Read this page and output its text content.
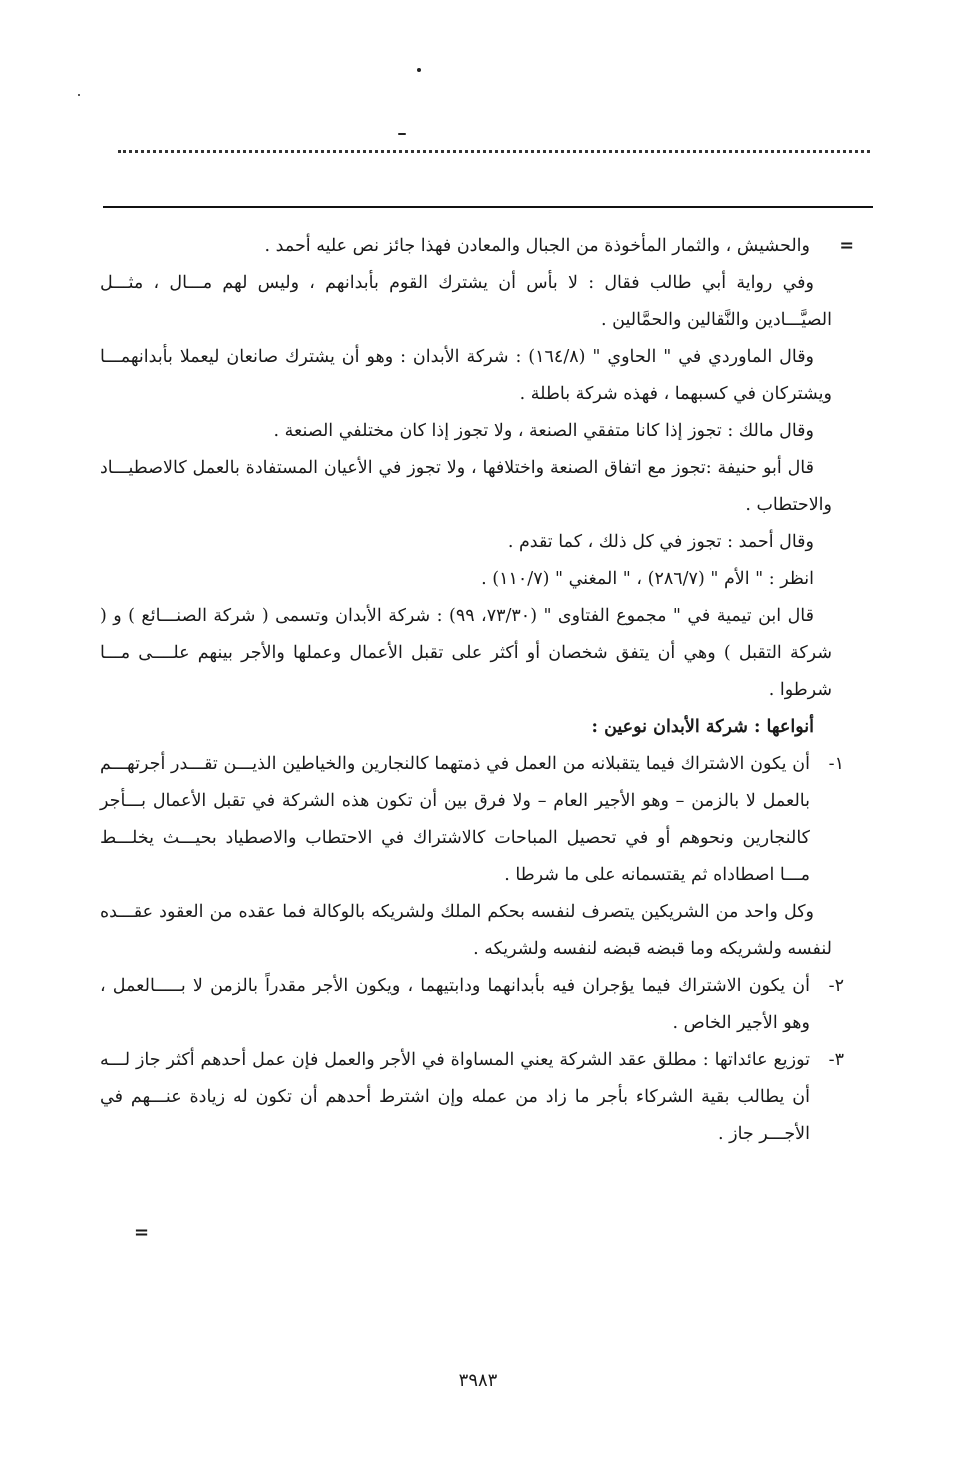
=
والحشيش ، والثمار المأخوذة من الجبال والمعادن فهذا جائز نص عليه أحمد .

وفي رواية أبي طالب فقال : لا بأس أن يشترك القوم بأبدانهم ، وليس لهم مـــال ، مثـــل الصيَّـــادين والنَّقالين والحمَّالين .

وقال الماوردي في " الحاوي " (١٦٤/٨) : شركة الأبدان : وهو أن يشترك صانعان ليعملا بأبدانهمـــا ويشتركان في كسبهما ، فهذه شركة باطلة .

وقال مالك : تجوز إذا كانا متفقي الصنعة ، ولا تجوز إذا كان مختلفي الصنعة .

قال أبو حنيفة :تجوز مع اتفاق الصنعة واختلافها ، ولا تجوز في الأعيان المستفادة بالعمل كالاصطيـــاد والاحتطاب .

وقال أحمد : تجوز في كل ذلك ، كما تقدم .

انظر : " الأم " (٢٨٦/٧) ، " المغني " (١١٠/٧) .

قال ابن تيمية في " مجموع الفتاوى " (٧٣/٣٠، ٩٩) : شركة الأبدان وتسمى ( شركة الصنـــائع ) و ( شركة التقبل ) وهي أن يتفق شخصان أو أكثر على تقبل الأعمال وعملها والأجر بينهم علــــى مـــا شرطوا .

أنواعها : شركة الأبدان نوعين :

١-
أن يكون الاشتراك فيما يتقبلانه من العمل في ذمتهما كالنجارين والخياطين الذيـــن تقـــدر أجرتهـــم بالعمل لا بالزمن – وهو الأجير العام – ولا فرق بين أن تكون هذه الشركة في تقبل الأعمال بـــأجر كالنجارين ونحوهم أو في تحصيل المباحات كالاشتراك في الاحتطاب والاصطياد بحيـــث يخلـــط مـــا اصطاداه ثم يقتسمانه على ما شرطا .

وكل واحد من الشريكين يتصرف لنفسه بحكم الملك ولشريكه بالوكالة فما عقده من العقود عقـــده لنفسه ولشريكه وما قبضه قبضه لنفسه ولشريكه .

٢-
أن يكون الاشتراك فيما يؤجران فيه بأبدانهما ودابتيهما ، ويكون الأجر مقدراً بالزمن لا بـــــالعمل ، وهو الأجير الخاص .

٣-
توزيع عائداتها : مطلق عقد الشركة يعني المساواة في الأجر والعمل فإن عمل أحدهم أكثر جاز لـــه أن يطالب بقية الشركاء بأجر ما زاد من عمله وإن اشترط أحدهم أن تكون له زيادة عنـــهم في الأجـــر جاز .

=
٣٩٨٣
